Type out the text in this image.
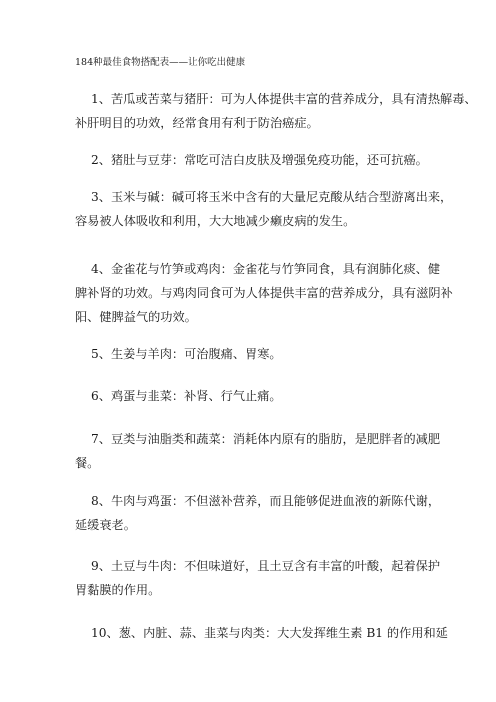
184种最佳食物搭配表——让你吃出健康

1、苦瓜或苦菜与猪肝：可为人体提供丰富的营养成分，具有清热解毒、
补肝明目的功效，经常食用有利于防治癌症。

2、猪肚与豆芽：常吃可洁白皮肤及增强免疫功能，还可抗癌。

3、玉米与碱：碱可将玉米中含有的大量尼克酸从结合型游离出来，
容易被人体吸收和利用，大大地减少癞皮病的发生。

4、金雀花与竹笋或鸡肉：金雀花与竹笋同食，具有润肺化痰、健
脾补肾的功效。与鸡肉同食可为人体提供丰富的营养成分，具有滋阴补
阳、健脾益气的功效。

5、生姜与羊肉：可治腹痛、胃寒。

6、鸡蛋与韭菜：补肾、行气止痛。

7、豆类与油脂类和蔬菜：消耗体内原有的脂肪，是肥胖者的减肥
餐。

8、牛肉与鸡蛋：不但滋补营养，而且能够促进血液的新陈代谢，
延缓衰老。

9、土豆与牛肉：不但味道好，且土豆含有丰富的叶酸，起着保护
胃黏膜的作用。

10、葱、内脏、蒜、韭菜与肉类：大大发挥维生素 B1 的作用和延
